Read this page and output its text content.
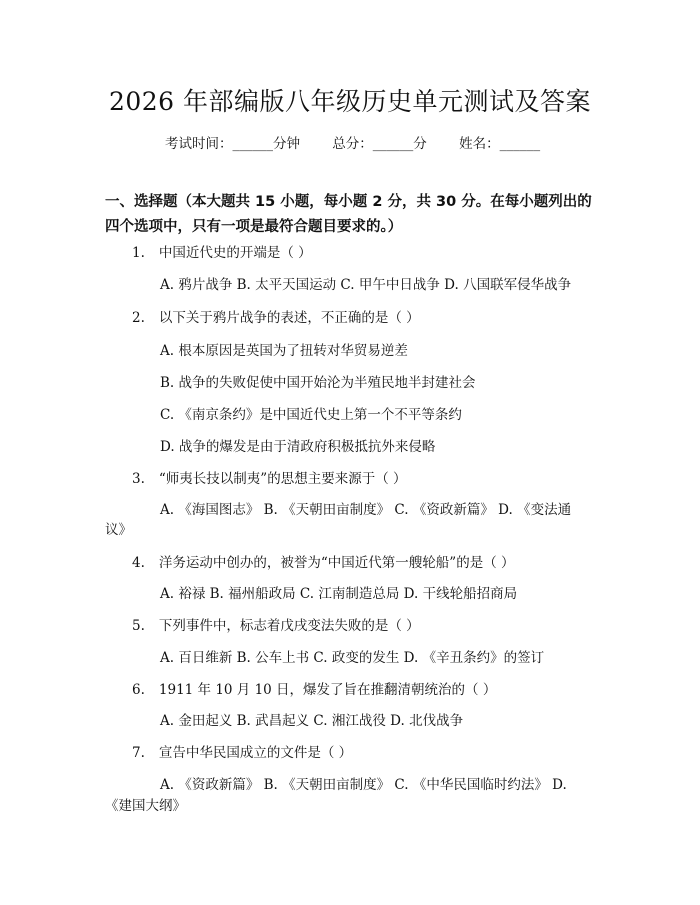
2026 年部编版八年级历史单元测试及答案
考试时间：______分钟 总分：______分 姓名：______
一、选择题（本大题共 15 小题，每小题 2 分，共 30 分。在每小题列出的四个选项中，只有一项是最符合题目要求的。）
1. 中国近代史的开端是（ ）
A. 鸦片战争 B. 太平天国运动 C. 甲午中日战争 D. 八国联军侵华战争
2. 以下关于鸦片战争的表述，不正确的是（ ）
A. 根本原因是英国为了扭转对华贸易逆差
B. 战争的失败促使中国开始沦为半殖民地半封建社会
C. 《南京条约》是中国近代史上第一个不平等条约
D. 战争的爆发是由于清政府积极抵抗外来侵略
3. “师夷长技以制夷”的思想主要来源于（ ）
A. 《海国图志》 B. 《天朝田亩制度》 C. 《资政新篇》 D. 《变法通
议》
4. 洋务运动中创办的，被誉为“中国近代第一艘轮船”的是（ ）
A. 裕禄 B. 福州船政局 C. 江南制造总局 D. 干线轮船招商局
5. 下列事件中，标志着戊戌变法失败的是（ ）
A. 百日维新 B. 公车上书 C. 政变的发生 D. 《辛丑条约》的签订
6. 1911 年 10 月 10 日，爆发了旨在推翻清朝统治的（ ）
A. 金田起义 B. 武昌起义 C. 湘江战役 D. 北伐战争
7. 宣告中华民国成立的文件是（ ）
A. 《资政新篇》 B. 《天朝田亩制度》 C. 《中华民国临时约法》 D.
《建国大纲》
